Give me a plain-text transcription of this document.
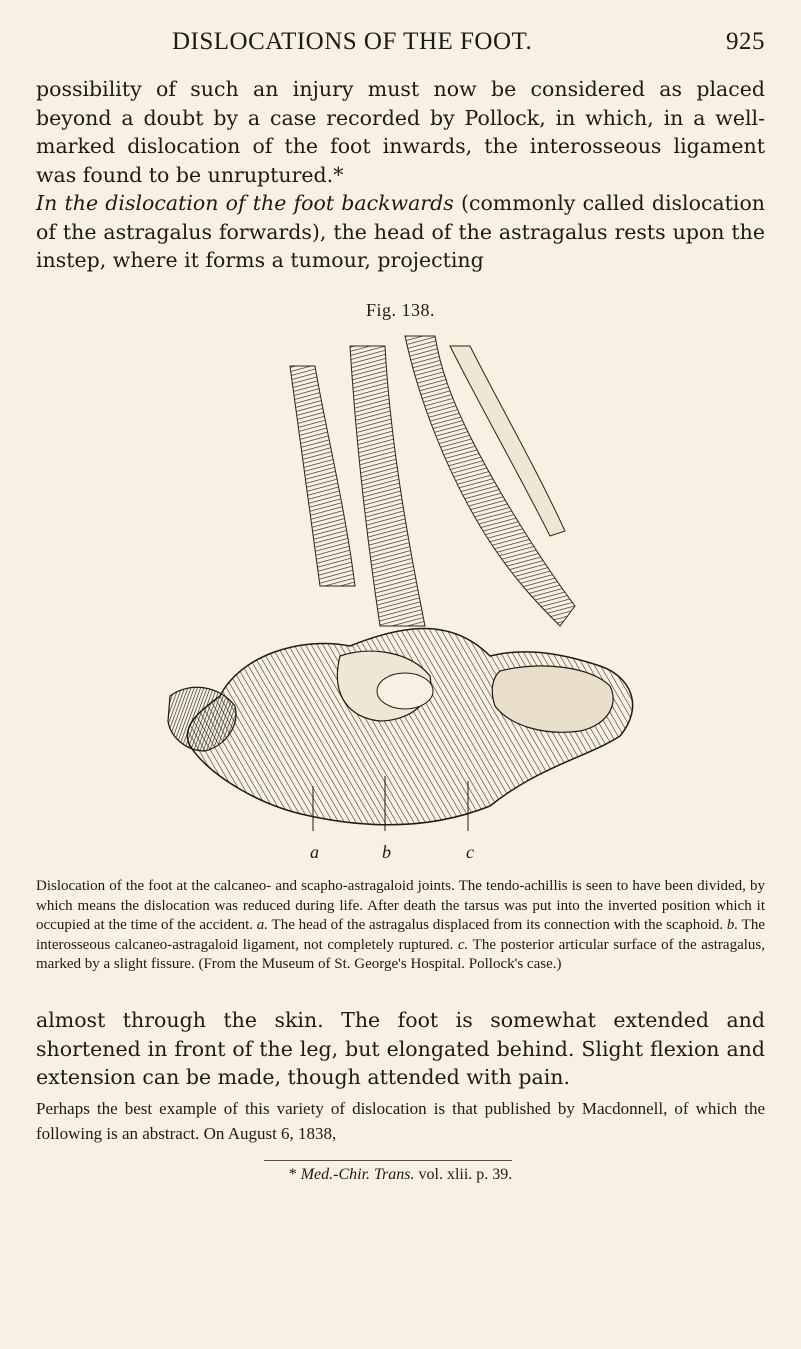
DISLOCATIONS OF THE FOOT.	925

possibility of such an injury must now be considered as placed beyond a doubt by a case recorded by Pollock, in which, in a well-marked dislocation of the foot inwards, the interosseous ligament was found to be unruptured.*

In the dislocation of the foot backwards (commonly called dislocation of the astragalus forwards), the head of the astragalus rests upon the instep, where it forms a tumour, projecting

Fig. 138.
a	b	c

Dislocation of the foot at the calcaneo- and scapho-astragaloid joints. The tendo-achillis is seen to have been divided, by which means the dislocation was reduced during life. After death the tarsus was put into the inverted position which it occupied at the time of the accident. a. The head of the astragalus displaced from its connection with the scaphoid. b. The interosseous calcaneo-astragaloid ligament, not completely ruptured. c. The posterior articular surface of the astragalus, marked by a slight fissure. (From the Museum of St. George's Hospital. Pollock's case.)

almost through the skin. The foot is somewhat extended and shortened in front of the leg, but elongated behind. Slight flexion and extension can be made, though attended with pain.

Perhaps the best example of this variety of dislocation is that published by Macdonnell, of which the following is an abstract. On August 6, 1838,

* Med.-Chir. Trans. vol. xlii. p. 39.
